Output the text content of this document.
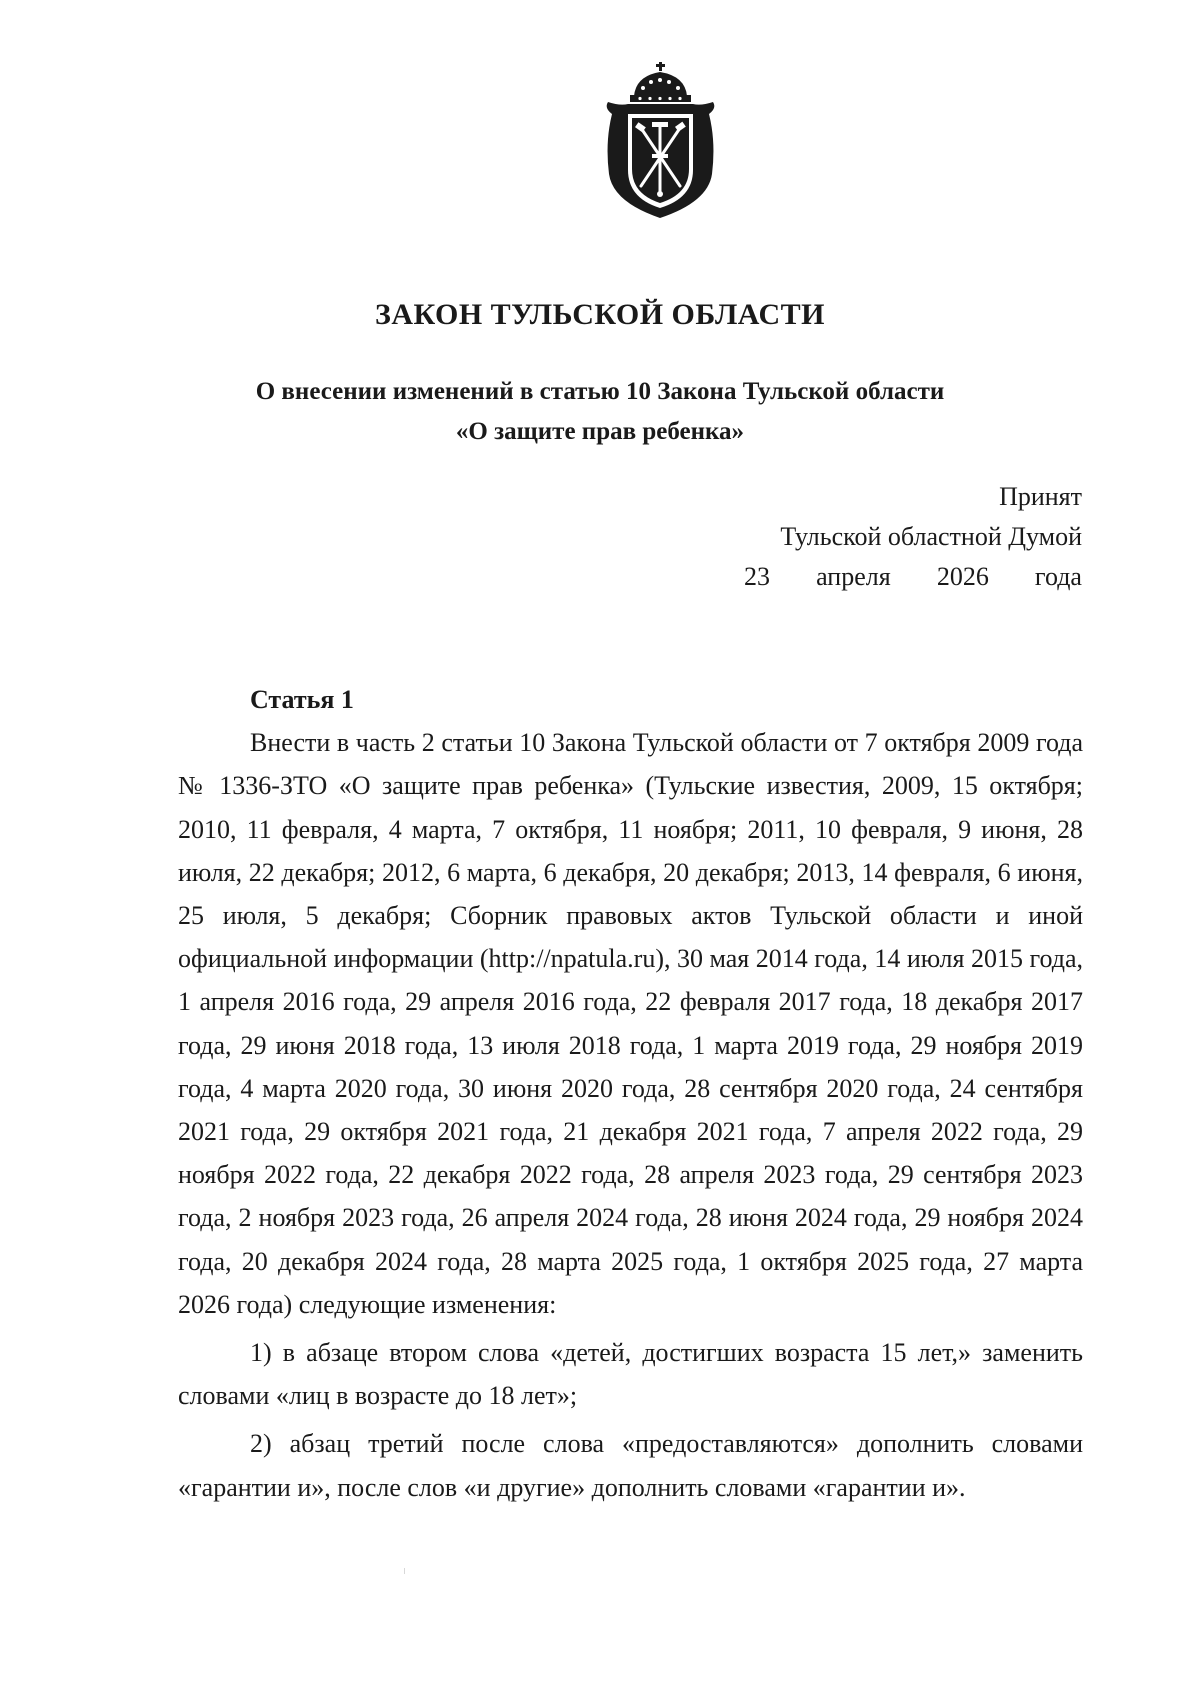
ЗАКОН ТУЛЬСКОЙ ОБЛАСТИ
О внесении изменений в статью 10 Закона Тульской области
«О защите прав ребенка»
Принят
Тульской областной Думой
23 апреля 2026 года
Статья 1

Внести в часть 2 статьи 10 Закона Тульской области от 7 октября 2009 года № 1336-ЗТО «О защите прав ребенка» (Тульские известия, 2009, 15 октября; 2010, 11 февраля, 4 марта, 7 октября, 11 ноября; 2011, 10 февраля, 9 июня, 28 июля, 22 декабря; 2012, 6 марта, 6 декабря, 20 декабря; 2013, 14 февраля, 6 июня, 25 июля, 5 декабря; Сборник правовых актов Тульской области и иной официальной информации (http://npatula.ru), 30 мая 2014 года, 14 июля 2015 года, 1 апреля 2016 года, 29 апреля 2016 года, 22 февраля 2017 года, 18 декабря 2017 года, 29 июня 2018 года, 13 июля 2018 года, 1 марта 2019 года, 29 ноября 2019 года, 4 марта 2020 года, 30 июня 2020 года, 28 сентября 2020 года, 24 сентября 2021 года, 29 октября 2021 года, 21 декабря 2021 года, 7 апреля 2022 года, 29 ноября 2022 года, 22 декабря 2022 года, 28 апреля 2023 года, 29 сентября 2023 года, 2 ноября 2023 года, 26 апреля 2024 года, 28 июня 2024 года, 29 ноября 2024 года, 20 декабря 2024 года, 28 марта 2025 года, 1 октября 2025 года, 27 марта 2026 года) следующие изменения:

1) в абзаце втором слова «детей, достигших возраста 15 лет,» заменить словами «лиц в возрасте до 18 лет»;

2) абзац третий после слова «предоставляются» дополнить словами «гарантии и», после слов «и другие» дополнить словами «гарантии и».
